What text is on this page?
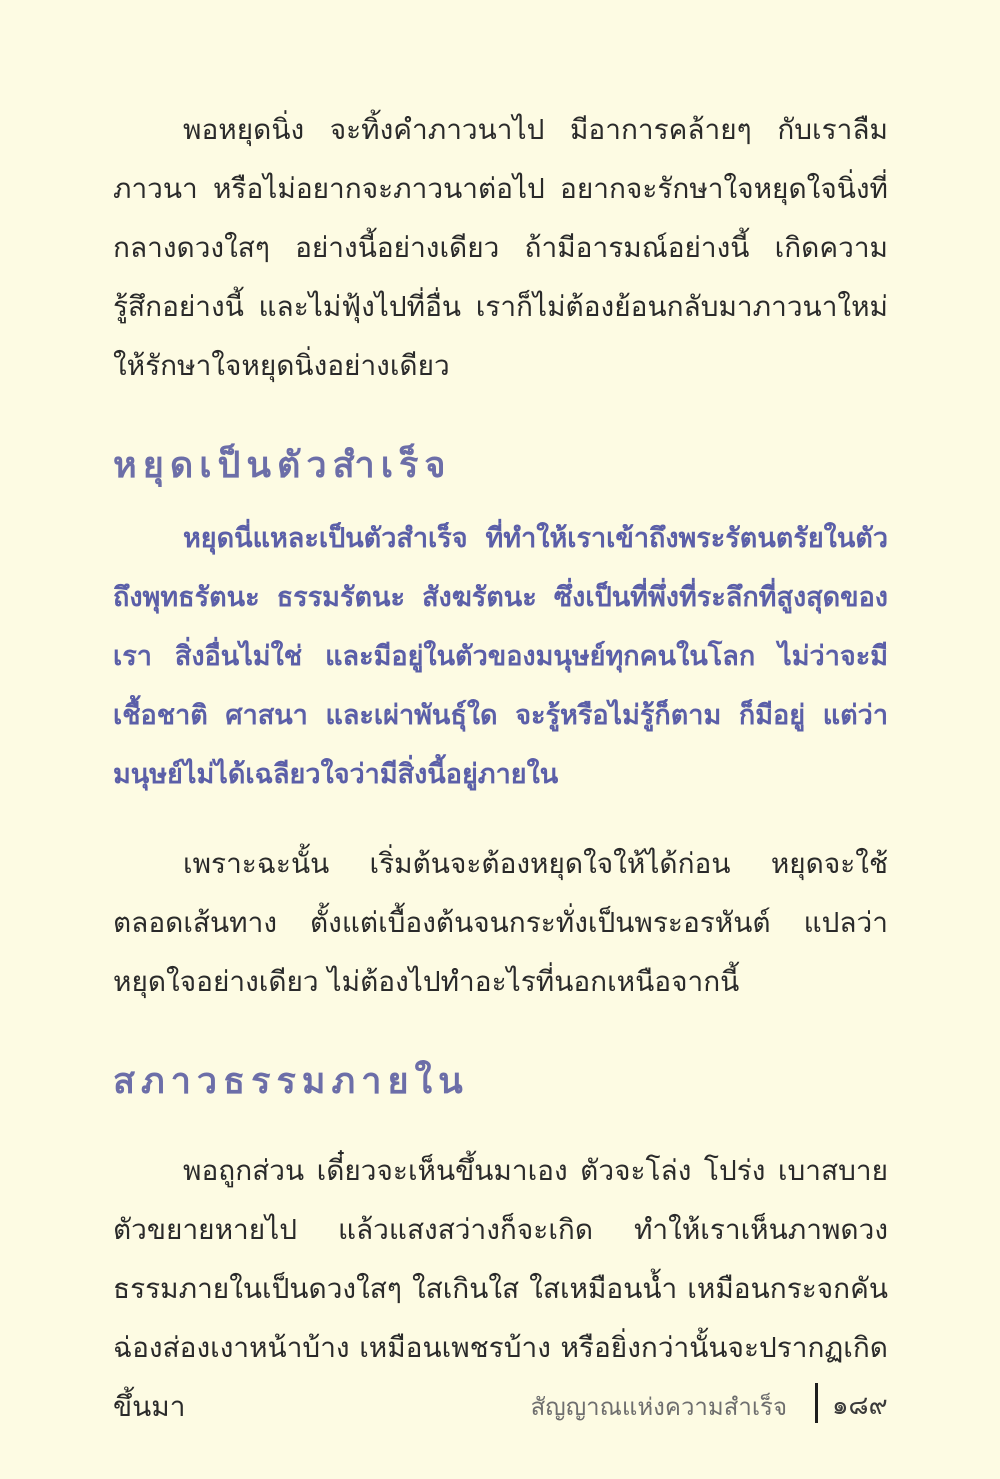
พอหยุดนิ่ง จะทิ้งคำภาวนาไป มีอาการคล้ายๆ กับเราลืมภาวนา หรือไม่อยากจะภาวนาต่อไป อยากจะรักษาใจหยุดใจนิ่งที่กลางดวงใสๆ อย่างนี้อย่างเดียว ถ้ามีอารมณ์อย่างนี้ เกิดความรู้สึกอย่างนี้ และไม่ฟุ้งไปที่อื่น เราก็ไม่ต้องย้อนกลับมาภาวนาใหม่ ให้รักษาใจหยุดนิ่งอย่างเดียว

หยุดเป็นตัวสำเร็จ

หยุดนี่แหละเป็นตัวสำเร็จ ที่ทำให้เราเข้าถึงพระรัตนตรัยในตัว ถึงพุทธรัตนะ ธรรมรัตนะ สังฆรัตนะ ซึ่งเป็นที่พึ่งที่ระลึกที่สูงสุดของเรา สิ่งอื่นไม่ใช่ และมีอยู่ในตัวของมนุษย์ทุกคนในโลก ไม่ว่าจะมีเชื้อชาติ ศาสนา และเผ่าพันธุ์ใด จะรู้หรือไม่รู้ก็ตาม ก็มีอยู่ แต่ว่ามนุษย์ไม่ได้เฉลียวใจว่ามีสิ่งนี้อยู่ภายใน

เพราะฉะนั้น เริ่มต้นจะต้องหยุดใจให้ได้ก่อน หยุดจะใช้ตลอดเส้นทาง ตั้งแต่เบื้องต้นจนกระทั่งเป็นพระอรหันต์ แปลว่าหยุดใจอย่างเดียว ไม่ต้องไปทำอะไรที่นอกเหนือจากนี้

สภาวธรรมภายใน

พอถูกส่วน เดี๋ยวจะเห็นขึ้นมาเอง ตัวจะโล่ง โปร่ง เบาสบาย ตัวขยายหายไป แล้วแสงสว่างก็จะเกิด ทำให้เราเห็นภาพดวงธรรมภายในเป็นดวงใสๆ ใสเกินใส ใสเหมือนน้ำ เหมือนกระจกคันฉ่องส่องเงาหน้าบ้าง เหมือนเพชรบ้าง หรือยิ่งกว่านั้นจะปรากฏเกิดขึ้นมา	สัญญาณแห่งความสำเร็จ ๑๘๙
